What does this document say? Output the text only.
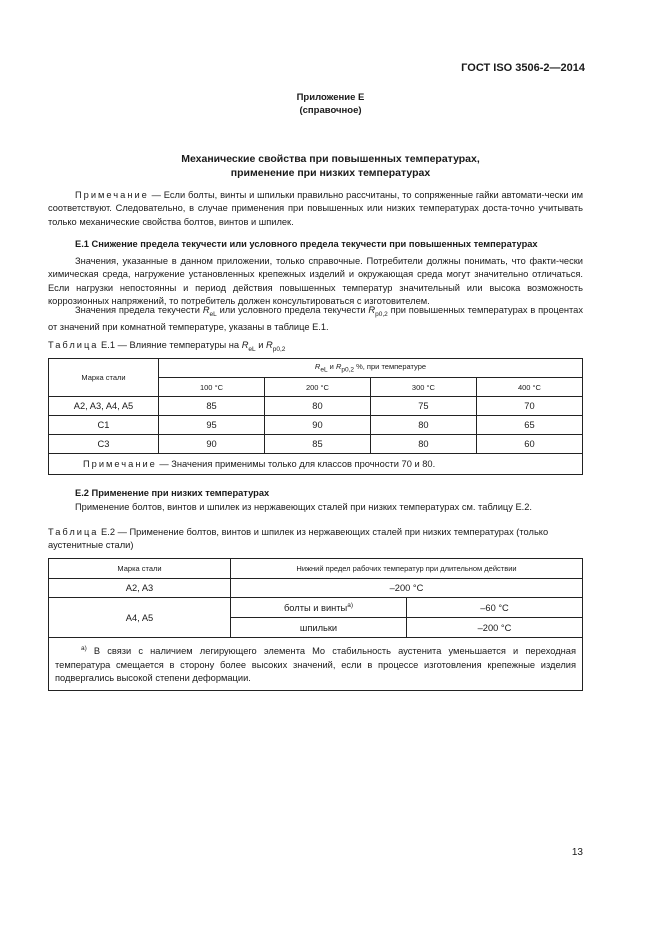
ГОСТ ISO 3506-2—2014
Приложение E
(справочное)
Механические свойства при повышенных температурах,
применение при низких температурах
Примечание — Если болты, винты и шпильки правильно рассчитаны, то сопряженные гайки автомати-чески им соответствуют. Следовательно, в случае применения при повышенных или низких температурах доста-точно учитывать только механические свойства болтов, винтов и шпилек.
E.1 Снижение предела текучести или условного предела текучести при повышенных температурах
Значения, указанные в данном приложении, только справочные. Потребители должны понимать, что факти-чески химическая среда, нагружение установленных крепежных изделий и окружающая среда могут значительно отличаться. Если нагрузки непостоянны и период действия повышенных температур значительный или высока возможность коррозионных напряжений, то потребитель должен консультироваться с изготовителем.
Значения предела текучести $R_{eL}$ или условного предела текучести $R_{p0,2}$ при повышенных температурах в процентах от значений при комнатной температуре, указаны в таблице E.1.
Таблица E.1 — Влияние температуры на $R_{eL}$ и $R_{p0,2}$
Марка стали	$R_{eL}$ и $R_{p0,2}$ %, при температуре			
	100 °C	200 °C	300 °C	400 °C
A2, A3, A4, A5	85	80	75	70
C1	95	90	80	65
C3	90	85	80	60
Примечание — Значения применимы только для классов прочности 70 и 80.				
E.2 Применение при низких температурах
Применение болтов, винтов и шпилек из нержавеющих сталей при низких температурах см. таблицу E.2.
Таблица E.2 — Применение болтов, винтов и шпилек из нержавеющих сталей при низких температурах (только аустенитные стали)
Марка стали	Нижний предел рабочих температур при длительном действии	
A2, A3	–200 °C	
A4, A5	болты и винты$^{a)}$	–60 °C
	шпильки	–200 °C
$^{a)}$ В связи с наличием легирующего элемента Mo стабильность аустенита уменьшается и переходная температура смещается в сторону более высоких значений, если в процессе изготовления крепежные изделия подвергались высокой степени деформации.		
13
